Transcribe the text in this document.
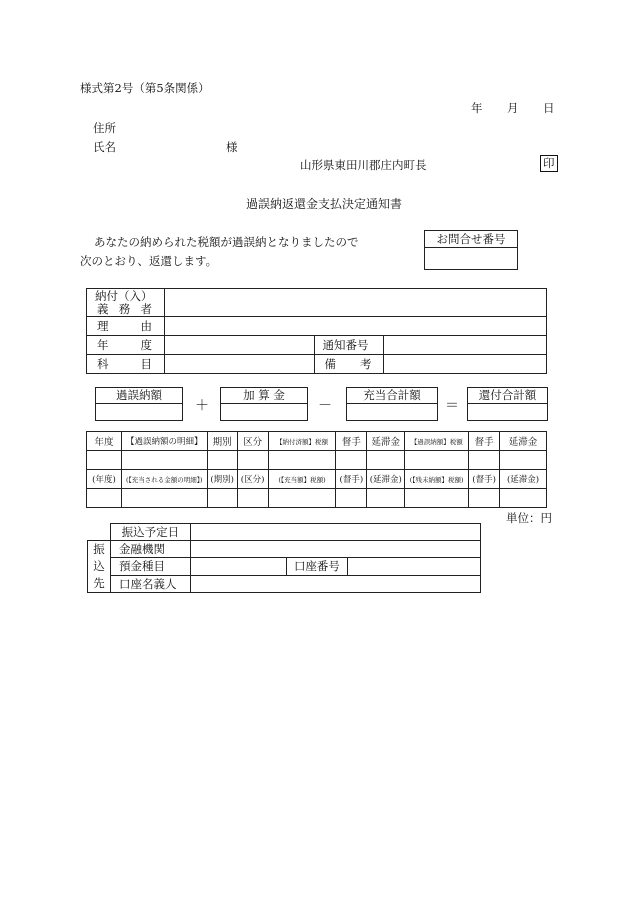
様式第2号（第5条関係）
年 月 日
住所
氏名	様
山形県東田川郡庄内町長	印
過誤納返還金支払決定通知書
あなたの納められた税額が過誤納となりましたので
次のとおり、返還します。
お問合せ番号
納付（入）
義 務 者			

理 由			

年 度		通知番号	

科 目		備 考	

過誤納額
＋
加 算 金
－
充当合計額
＝
還付合計額
年度	【過誤納額の明細】	期別	区分	【納付済額】税額	督手	延滞金	【過誤納額】税額	督手	延滞金

(年度)	(【充当される金額の明細】)	(期別)	(区分)	(【充当額】税額)	(督手)	(延滞金)	(【残未納額】税額)	(督手)	(延滞金)

単位：円
	振込予定日			

振
込
先	金融機関			
	預金種目		口座番号	
	口座名義人			
